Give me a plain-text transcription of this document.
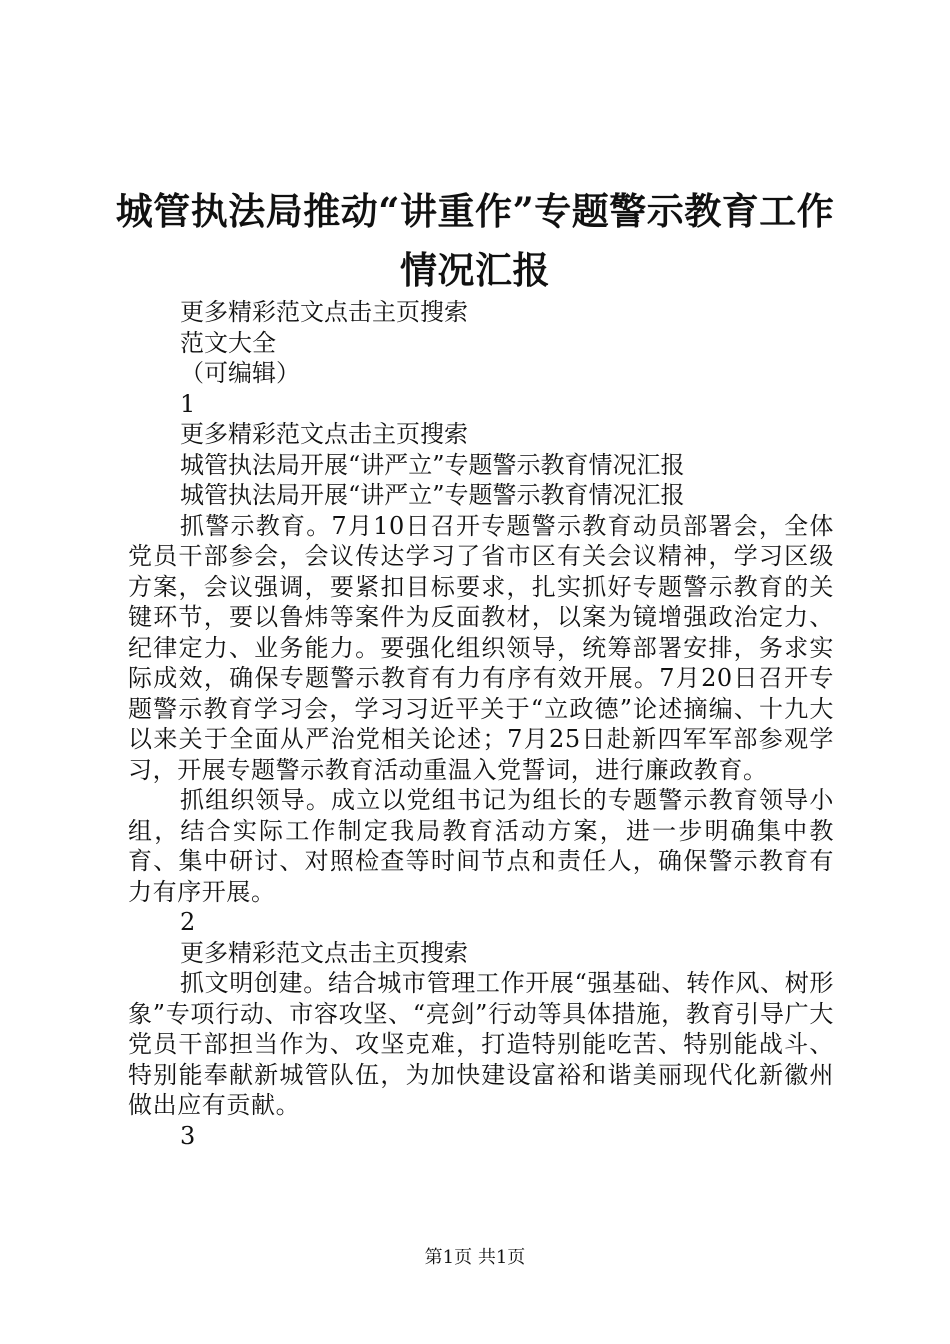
城管执法局推动“讲重作”专题警示教育工作
情况汇报
更多精彩范文点击主页搜索
范文大全
（可编辑）
1
更多精彩范文点击主页搜索
城管执法局开展“讲严立”专题警示教育情况汇报
城管执法局开展“讲严立”专题警示教育情况汇报
抓警示教育。7月10日召开专题警示教育动员部署会，全体党员干部参会，会议传达学习了省市区有关会议精神，学习区级方案，会议强调，要紧扣目标要求，扎实抓好专题警示教育的关键环节，要以鲁炜等案件为反面教材，以案为镜增强政治定力、纪律定力、业务能力。要强化组织领导，统筹部署安排，务求实际成效，确保专题警示教育有力有序有效开展。7月20日召开专题警示教育学习会，学习习近平关于“立政德”论述摘编、十九大以来关于全面从严治党相关论述；7月25日赴新四军军部参观学习，开展专题警示教育活动重温入党誓词，进行廉政教育。
抓组织领导。成立以党组书记为组长的专题警示教育领导小组，结合实际工作制定我局教育活动方案，进一步明确集中教育、集中研讨、对照检查等时间节点和责任人，确保警示教育有力有序开展。
2
更多精彩范文点击主页搜索
抓文明创建。结合城市管理工作开展“强基础、转作风、树形象”专项行动、市容攻坚、“亮剑”行动等具体措施，教育引导广大党员干部担当作为、攻坚克难，打造特别能吃苦、特别能战斗、特别能奉献新城管队伍，为加快建设富裕和谐美丽现代化新徽州做出应有贡献。
3
第1页 共1页
